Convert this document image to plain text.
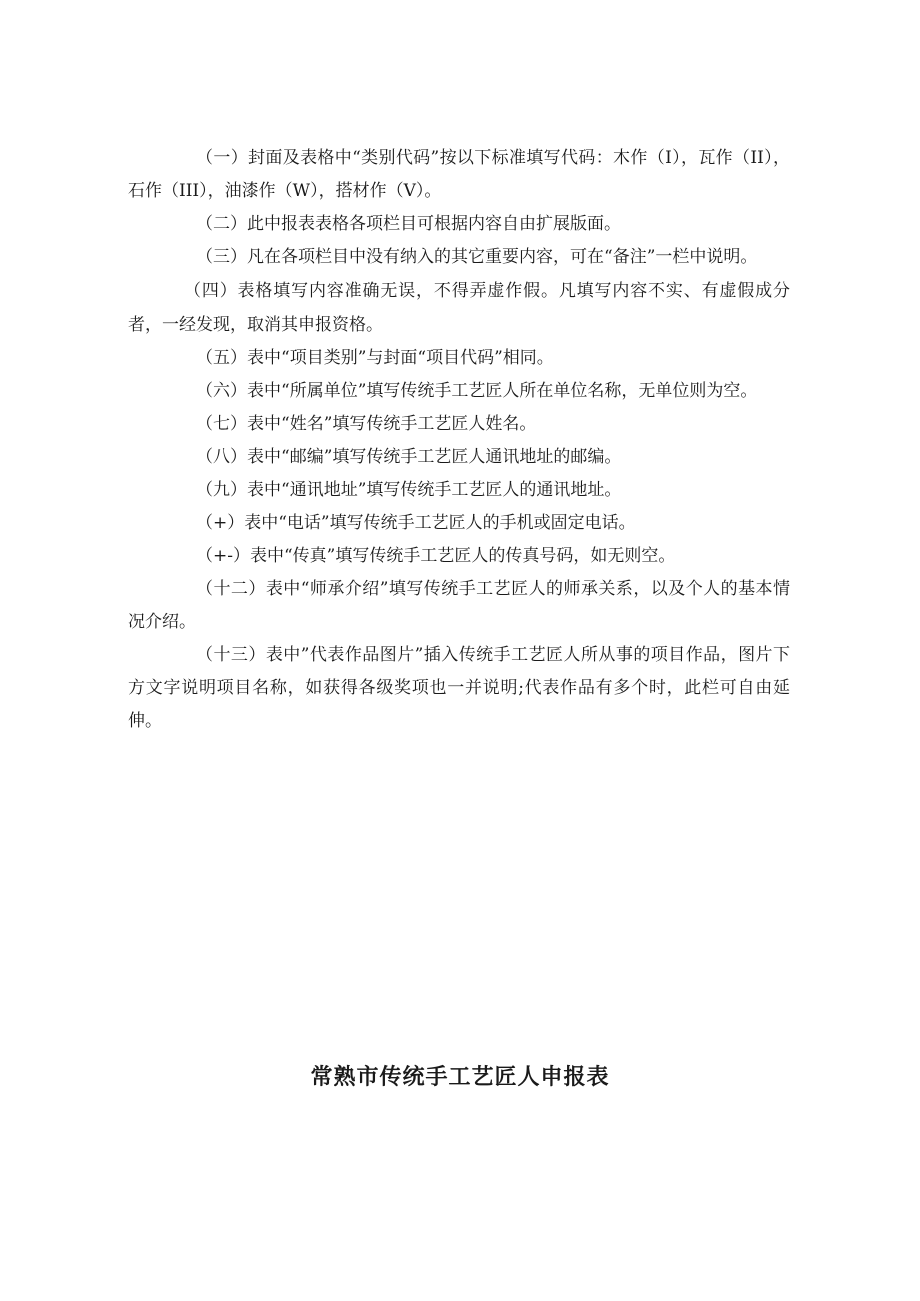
（一）封面及表格中“类别代码”按以下标准填写代码：木作（I），瓦作（II），石作（III），油漆作（W），搭材作（V）。

（二）此中报表表格各项栏目可根据内容自由扩展版面。

（三）凡在各项栏目中没有纳入的其它重要内容，可在“备注”一栏中说明。

（四）表格填写内容准确无误，不得弄虚作假。凡填写内容不实、有虚假成分者，一经发现，取消其申报资格。

（五）表中“项目类别”与封面“项目代码”相同。

（六）表中“所属单位”填写传统手工艺匠人所在单位名称，无单位则为空。

（七）表中“姓名”填写传统手工艺匠人姓名。

（八）表中“邮编”填写传统手工艺匠人通讯地址的邮编。

（九）表中“通讯地址”填写传统手工艺匠人的通讯地址。

（+）表中“电话”填写传统手工艺匠人的手机或固定电话。

（+-）表中“传真”填写传统手工艺匠人的传真号码，如无则空。

（十二）表中“师承介绍”填写传统手工艺匠人的师承关系，以及个人的基本情况介绍。

（十三）表中”代表作品图片”插入传统手工艺匠人所从事的项目作品，图片下方文字说明项目名称，如获得各级奖项也一并说明;代表作品有多个时，此栏可自由延伸。

常熟市传统手工艺匠人申报表
